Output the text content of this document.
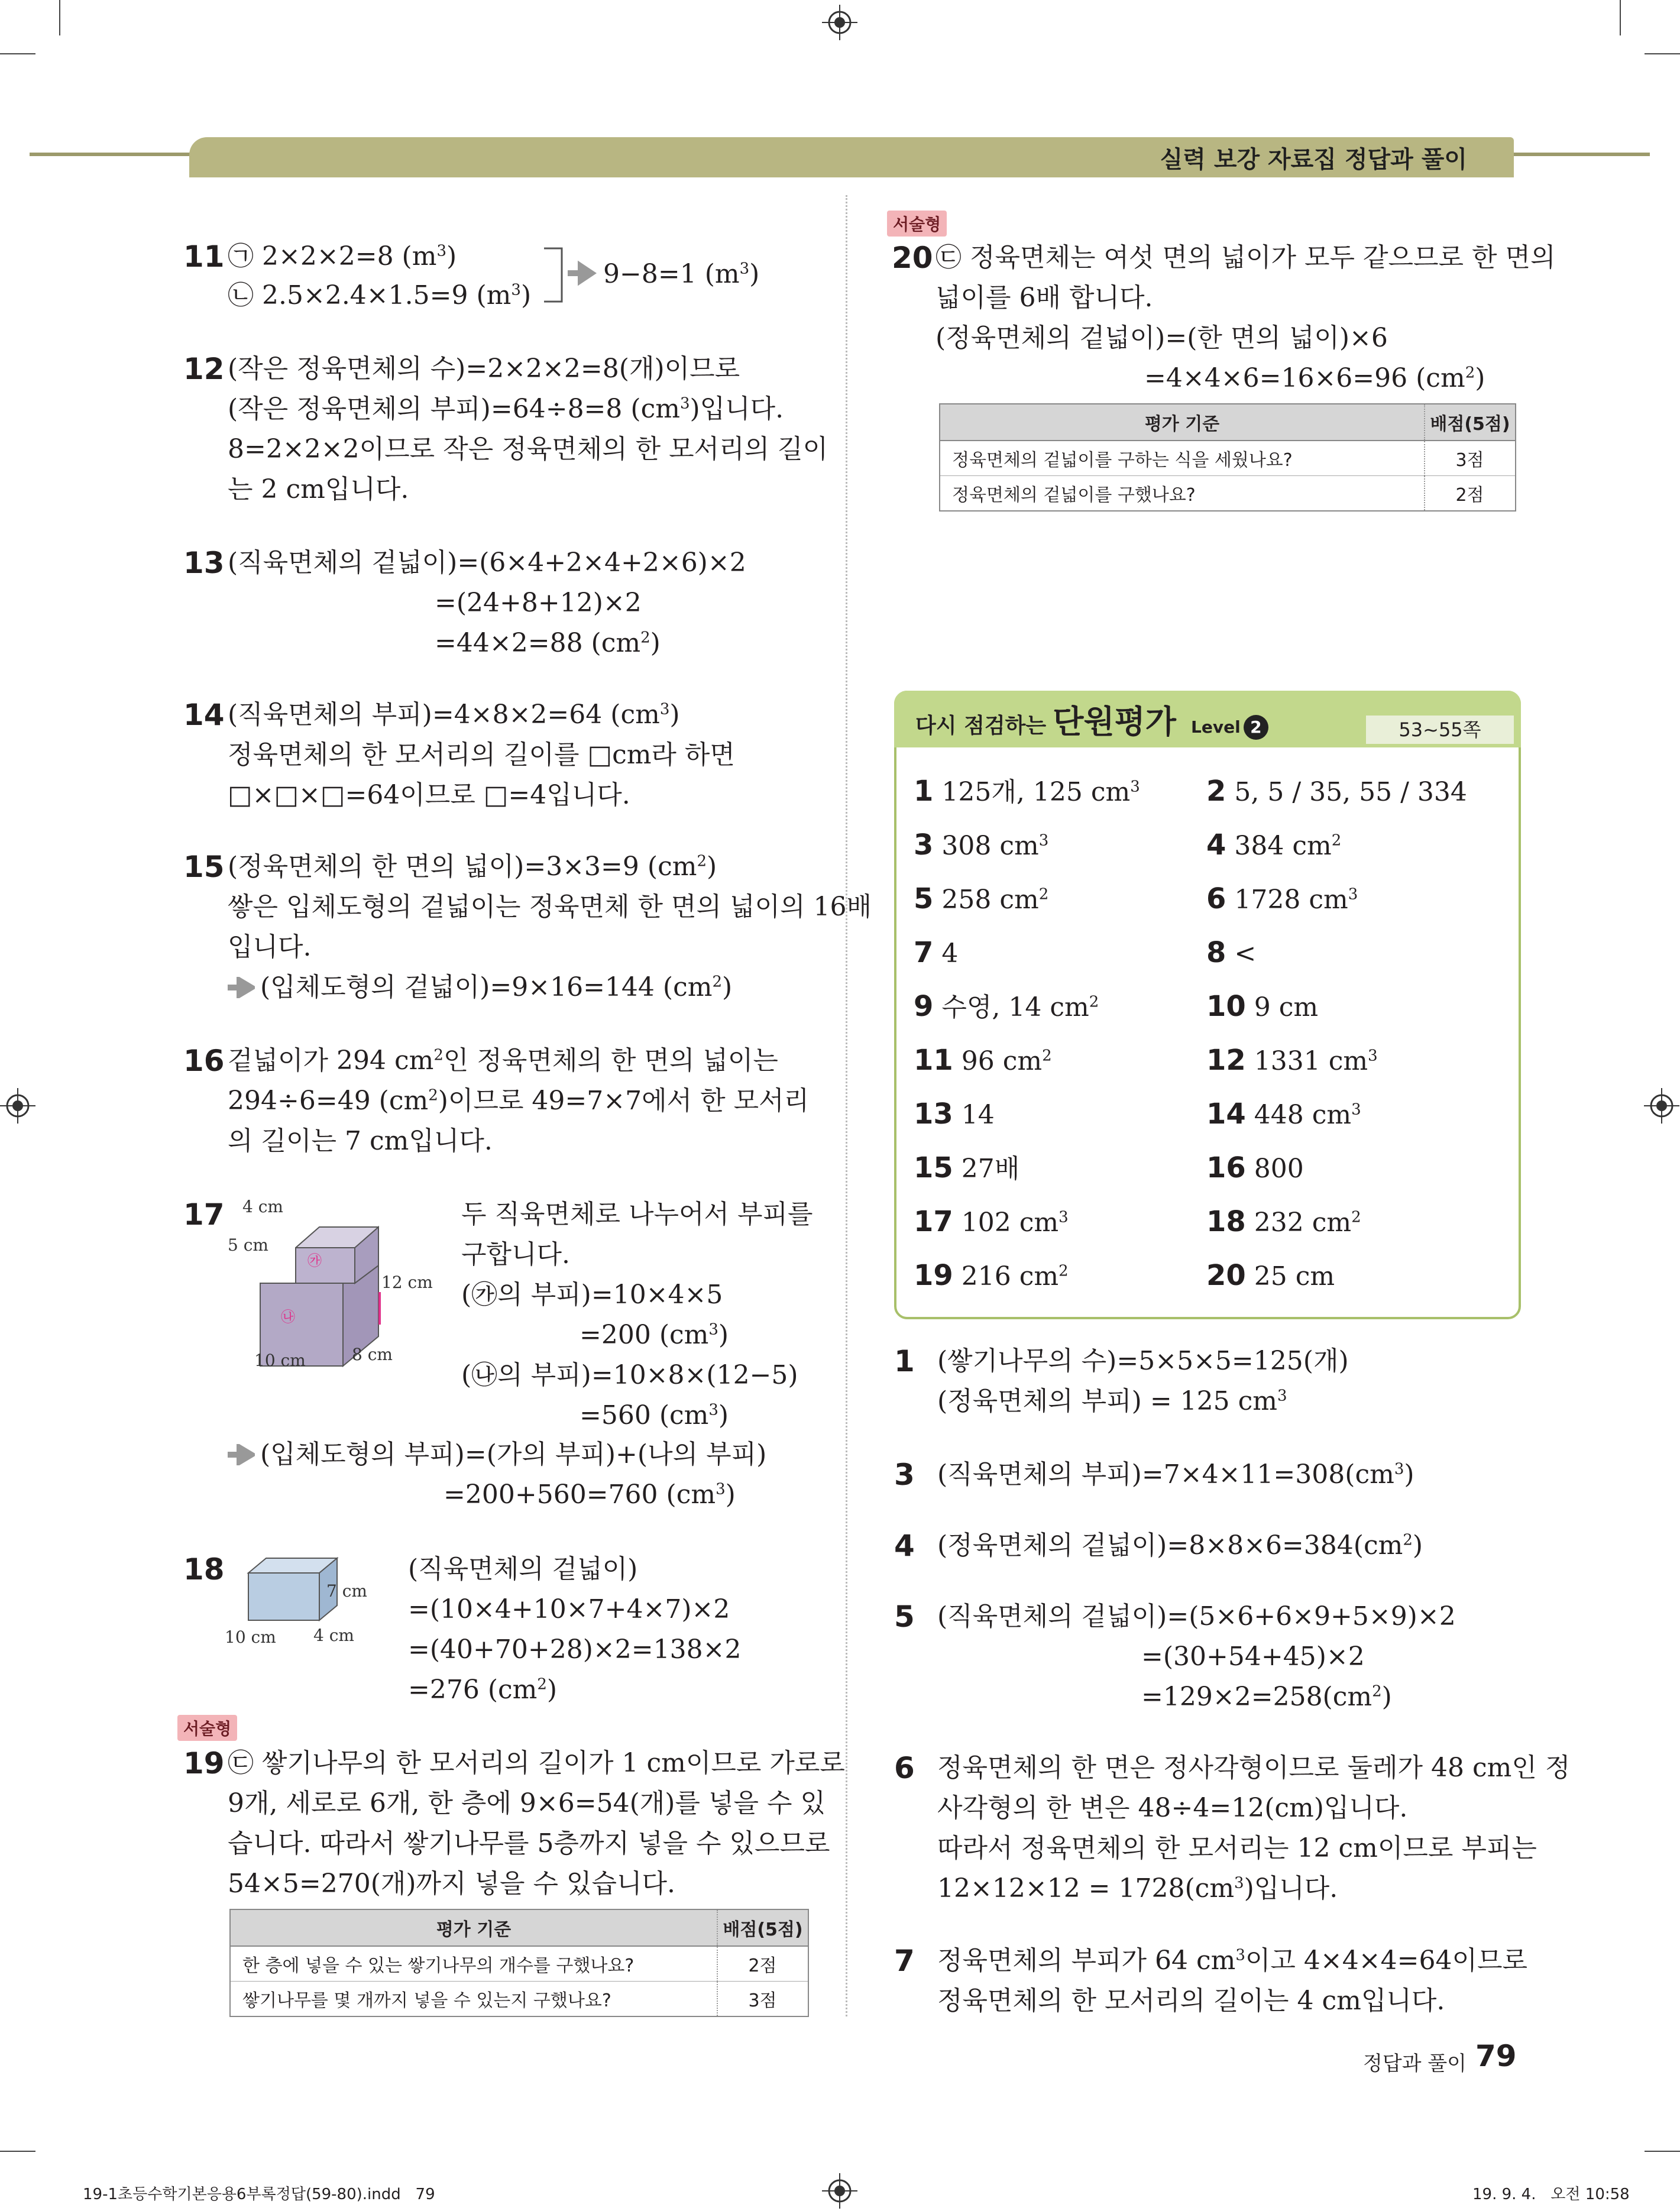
실력 보강 자료집 정답과 풀이
11 ㉠ 2×2×2=8 $(m^3)$
㉡ 2.5×2.4×1.5=9 $(m^3)$
9−8=1 $(m^3)$
12 (작은 정육면체의 수)=2×2×2=8(개)이므로
(작은 정육면체의 부피)=64÷8=8 $(cm^3)$입니다.
8=2×2×2이므로 작은 정육면체의 한 모서리의 길이
는 2 cm입니다.
13 (직육면체의 겉넓이)=(6×4+2×4+2×6)×2
=(24+8+12)×2
=44×2=88 $(cm^2)$
14 (직육면체의 부피)=4×8×2=64 $(cm^3)$
정육면체의 한 모서리의 길이를 □cm라 하면
□×□×□=64이므로 □=4입니다.
15 (정육면체의 한 면의 넓이)=3×3=9 $(cm^2)$
쌓은 입체도형의 겉넓이는 정육면체 한 면의 넓이의 16배
입니다.
(입체도형의 겉넓이)=9×16=144 $(cm^2)$
16 겉넓이가 294 $cm^2$인 정육면체의 한 면의 넓이는
294÷6=49 $(cm^2)$이므로 49=7×7에서 한 모서리
의 길이는 7 cm입니다.
17 4 cm
5 cm
12 cm
10 cm	8 cm
㉮
㉯
두 직육면체로 나누어서 부피를
구합니다.
(㉮의 부피)=10×4×5
=200 $(cm^3)$
(㉯의 부피)=10×8×(12−5)
=560 $(cm^3)$
(입체도형의 부피)=(가의 부피)+(나의 부피)
=200+560=760 $(cm^3)$
18
7 cm
10 cm 4 cm
(직육면체의 겉넓이)
=(10×4+10×7+4×7)×2
=(40+70+28)×2=138×2
=276 $(cm^2)$
서술형
19 ㉢ 쌓기나무의 한 모서리의 길이가 1 cm이므로 가로로
9개, 세로로 6개, 한 층에 9×6=54(개)를 넣을 수 있
습니다. 따라서 쌓기나무를 5층까지 넣을 수 있으므로
54×5=270(개)까지 넣을 수 있습니다.
평가 기준	배점(5점)
한 층에 넣을 수 있는 쌓기나무의 개수를 구했나요?	2점
쌓기나무를 몇 개까지 넣을 수 있는지 구했나요?	3점
서술형
20 ㉢ 정육면체는 여섯 면의 넓이가 모두 같으므로 한 면의
넓이를 6배 합니다.
(정육면체의 겉넓이)=(한 면의 넓이)×6
=4×4×6=16×6=96 $(cm^2)$
평가 기준	배점(5점)
정육면체의 겉넓이를 구하는 식을 세웠나요?	3점
정육면체의 겉넓이를 구했나요?	2점
다시 점검하는 단원평가 Level 2	53~55쪽
1 125개, 125 $cm^3$ 2 5, 5 / 35, 55 / 334
3 308 $cm^3$	4 384 $cm^2$
5 258 $cm^2$	6 1728 $cm^3$
7 4	8 <
9 수영, 14 $cm^2$	10 9 cm
11 96 $cm^2$	12 1331 $cm^3$
13 14	14 448 $cm^3$
15 27배	16 800
17 102 $cm^3$	18 232 $cm^2$
19 216 $cm^2$	20 25 cm
1 (쌓기나무의 수)=5×5×5=125(개)
(정육면체의 부피) = 125 $cm^3$
3 (직육면체의 부피)$=7\times 4\times 11=308(cm^3)$
4 (정육면체의 겉넓이)$=8\times 8\times 6=384(cm^2)$
5 (직육면체의 겉넓이)=(5×6+6×9+5×9)×2
=(30+54+45)×2
$=129\times 2=258(cm^2)$
6 정육면체의 한 면은 정사각형이므로 둘레가 48 cm인 정
사각형의 한 변은 48÷4=12(cm)입니다.
따라서 정육면체의 한 모서리는 12 cm이므로 부피는
$12\times 12\times 12 = 1728(cm^3)$입니다.
7 정육면체의 부피가 64 $cm^3$이고 4×4×4=64이므로
정육면체의 한 모서리의 길이는 4 cm입니다.
정답과 풀이 79
19-1초등수학기본응용6부록정답(59-80).indd   79	19. 9. 4.   오전 10:58
